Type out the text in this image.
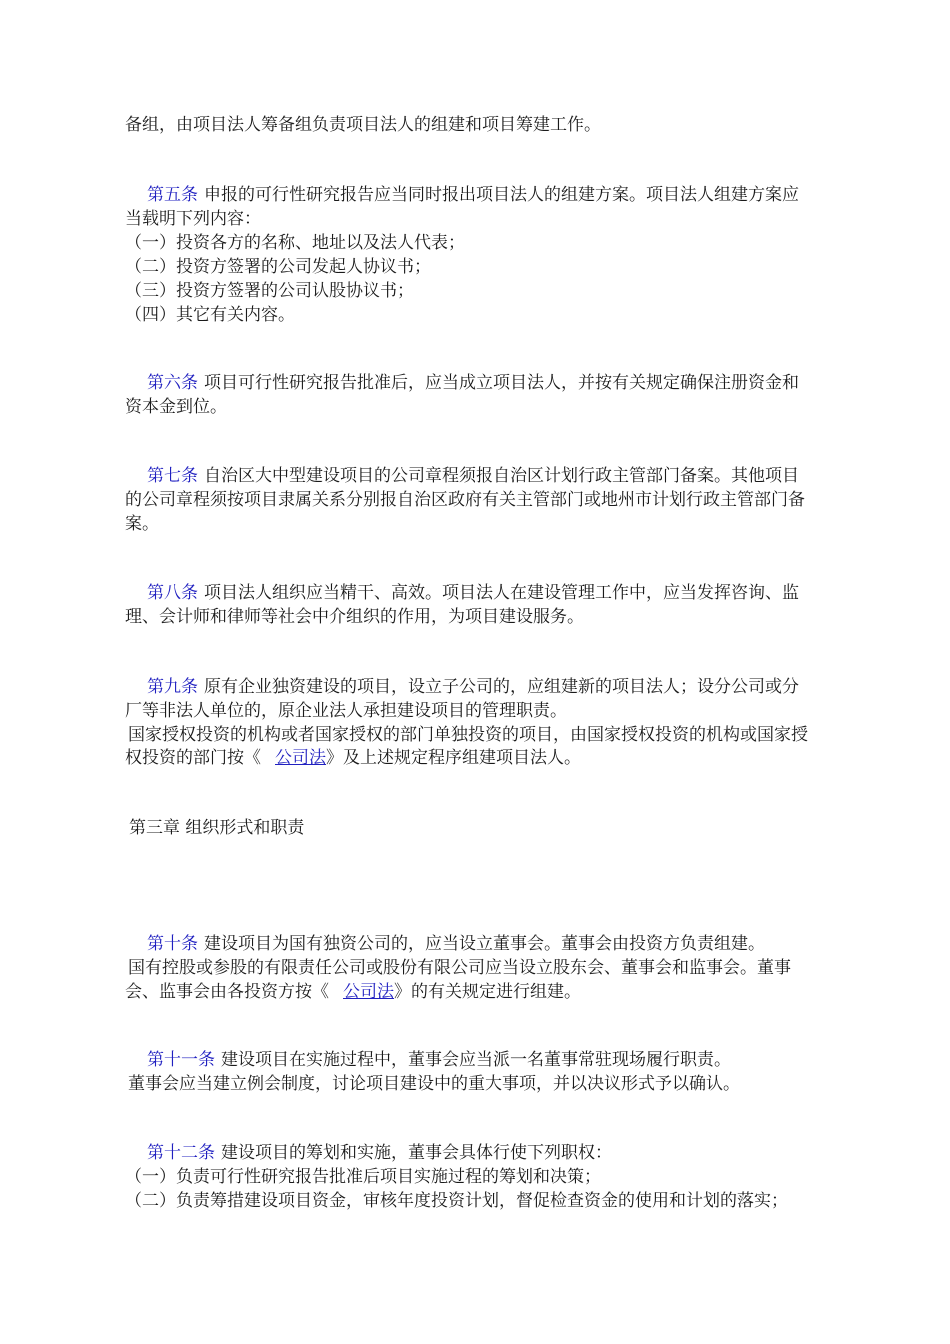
备组，由项目法人筹备组负责项目法人的组建和项目筹建工作。
第五条 申报的可行性研究报告应当同时报出项目法人的组建方案。项目法人组建方案应
当载明下列内容：
（一）投资各方的名称、地址以及法人代表；
（二）投资方签署的公司发起人协议书；
（三）投资方签署的公司认股协议书；
（四）其它有关内容。
第六条 项目可行性研究报告批准后，应当成立项目法人，并按有关规定确保注册资金和
资本金到位。
第七条 自治区大中型建设项目的公司章程须报自治区计划行政主管部门备案。其他项目
的公司章程须按项目隶属关系分别报自治区政府有关主管部门或地州市计划行政主管部门备
案。
第八条 项目法人组织应当精干、高效。项目法人在建设管理工作中，应当发挥咨询、监
理、会计师和律师等社会中介组织的作用，为项目建设服务。
第九条 原有企业独资建设的项目，设立子公司的，应组建新的项目法人；设分公司或分
厂等非法人单位的，原企业法人承担建设项目的管理职责。
国家授权投资的机构或者国家授权的部门单独投资的项目，由国家授权投资的机构或国家授
权投资的部门按《 公司法》及上述规定程序组建项目法人。
第三章 组织形式和职责
第十条 建设项目为国有独资公司的，应当设立董事会。董事会由投资方负责组建。
国有控股或参股的有限责任公司或股份有限公司应当设立股东会、董事会和监事会。董事
会、监事会由各投资方按《 公司法》的有关规定进行组建。
第十一条 建设项目在实施过程中，董事会应当派一名董事常驻现场履行职责。
董事会应当建立例会制度，讨论项目建设中的重大事项，并以决议形式予以确认。
第十二条 建设项目的筹划和实施，董事会具体行使下列职权：
（一）负责可行性研究报告批准后项目实施过程的筹划和决策；
（二）负责筹措建设项目资金，审核年度投资计划，督促检查资金的使用和计划的落实；
